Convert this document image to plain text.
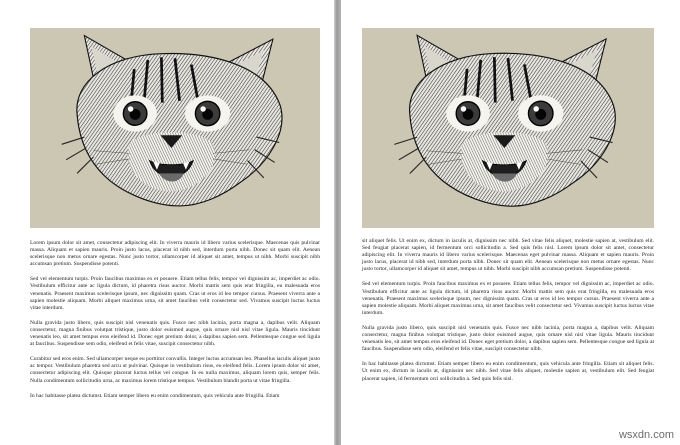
Lorem ipsum dolor sit amet, consectetur adipiscing elit. In viverra mauris id libero varius scelerisque. Maecenas quis pulvinar massa. Aliquam et sapien mauris. Proin justo lacus, placerat id nibh sed, interdum porta nibh. Donec sit quam elit. Aenean scelerisque non metus ornare egestas. Nunc justo tortor, ullamcorper id aliquet sit amet, tempus ut nibh. Morbi suscipit nibh accumsan pretium. Suspendisse potenti.

Sed vel elementum turpis. Proin faucibus maximus ex et posuere. Etiam tellus felis, tempor vel dignissim ac, imperdiet ac odio. Vestibulum efficitur ante ac ligula dictum, id pharetra risus auctor. Morbi mattis sem quis erat fringilla, eu malesuada eros venenatis. Praesent maximus scelerisque ipsum, nec dignissim quam. Cras ut eros id leo tempor cursus. Praesent viverra ante a sapien molestie aliquam. Morbi aliquet maximus urna, sit amet faucibus velit consectetur sed. Vivamus suscipit luctus luctus vitae interdum.

Nulla gravida justo libero, quis suscipit nisl venenatis quis. Fusce nec nibh lacinia, porta magna a, dapibus velit. Aliquam consectetur, magna finibus volutpat tristique, justo dolor euismod augue, quis ornare nisl nisl vitae ligula. Mauris tincidunt venenatis leo, sit amet tempus eros eleifend id. Donec eget pretium dolor, a dapibus sapien sem. Pellentesque congue sed ligula at faucibus. Suspendisse sem odio, eleifend et felis vitae, suscipit consectetur nibh.

Curabitur sed eros enim. Sed ullamcorper neque eu porttitor convallis. Integer luctus accumsan leo. Phasellus iaculis aliquet justo ac tempor. Vestibulum pharetra sed arcu ut pulvinar. Quisque in vestibulum risus, eu eleifend felis. Lorem ipsum dolor sit amet, consectetur adipiscing elit. Quisque placerat luctus tellus vel congue. In eu nulla maximus, aliquam lorem quis, semper felis. Nulla condimentum sollicitudin urna, ac maximus lorem tristique tempus. Vestibulum blandit porta ut vitae fringilla.

In hac habitasse platea dictumst. Etiam semper libero eu enim condimentum, quis vehicula ante fringilla. Etiam

sit aliquet felis. Ut enim ex, dictum in iaculis at, dignissim nec nibh. Sed vitae felis aliquet, molestie sapien at, vestibulum elit. Sed feugiat placerat sapien, id fermentum orci sollicitudin a. Sed quis felis nisl. Lorem ipsum dolor sit amet, consectetur adipiscing elit. In viverra mauris id libero varius scelerisque. Maecenas eget pulvinar massa. Aliquam et sapien mauris. Proin justo lacus, placerat id nibh sed, interdum porta nibh. Donec sit quam elit. Aenean scelerisque non metus ornare egestas. Nunc justo tortor, ullamcorper id aliquet sit amet, tempus ut nibh. Morbi suscipit nibh accumsan pretium. Suspendisse potenti.

Sed vel elementum turpis. Proin faucibus maximus ex et posuere. Etiam tellus felis, tempor vel dignissim ac, imperdiet ac odio. Vestibulum efficitur ante ac ligula dictum, id pharetra risus auctor. Morbi mattis sem quis erat fringilla, eu malesuada eros venenatis. Praesent maximus scelerisque ipsum, nec dignissim quam. Cras ut eros id leo tempor cursus. Praesent viverra ante a sapien molestie aliquam. Morbi aliquet maximus urna, sit amet faucibus velit consectetur sed. Vivamus suscipit luctus luctus vitae interdum.

Nulla gravida justo libero, quis suscipit nisl venenatis quis. Fusce nec nibh lacinia, porta magna a, dapibus velit. Aliquam consectetur, magna finibus volutpat tristique, justo dolor euismod augue, quis ornare nisl nisl vitae ligula. Mauris tincidunt venenatis leo, sit amet tempus eros eleifend id. Donec eget pretium dolor, a dapibus sapien sem. Pellentesque congue sed ligula at faucibus. Suspendisse sem odio, eleifend et felis vitae, suscipit consectetur nibh.

In hac habitasse platea dictumst. Etiam semper libero eu enim condimentum, quis vehicula ante fringilla. Etiam sit aliquet felis. Ut enim ex, dictum in iaculis at, dignissim nec nibh. Sed vitae felis aliquet, molestie sapien at, vestibulum elit. Sed feugiat placerat sapien, id fermentum orci sollicitudin a. Sed quis felis nisl.

wsxdn.com
